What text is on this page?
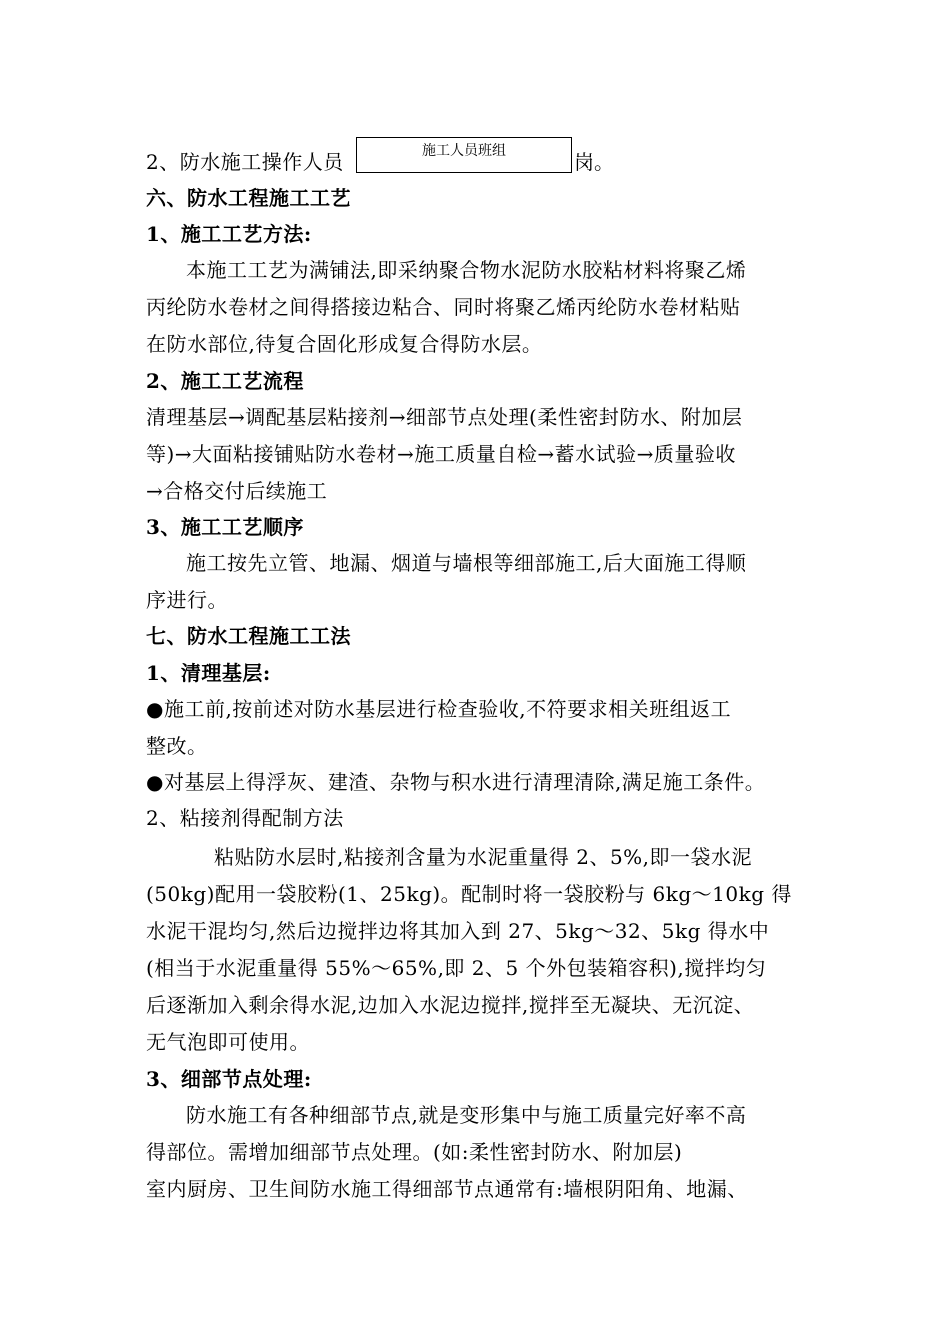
2、防水施工操作人员	施工人员班组	岗。
六、防水工程施工工艺
1、施工工艺方法:
本施工工艺为满铺法,即采纳聚合物水泥防水胶粘材料将聚乙烯
丙纶防水卷材之间得搭接边粘合、同时将聚乙烯丙纶防水卷材粘贴
在防水部位,待复合固化形成复合得防水层。
2、施工工艺流程
清理基层→调配基层粘接剂→细部节点处理(柔性密封防水、附加层
等)→大面粘接铺贴防水卷材→施工质量自检→蓄水试验→质量验收
→合格交付后续施工
3、施工工艺顺序
施工按先立管、地漏、烟道与墙根等细部施工,后大面施工得顺
序进行。
七、防水工程施工工法
1、清理基层:
●施工前,按前述对防水基层进行检查验收,不符要求相关班组返工
整改。
●对基层上得浮灰、建渣、杂物与积水进行清理清除,满足施工条件。
2、粘接剂得配制方法
粘贴防水层时,粘接剂含量为水泥重量得 2、5%,即一袋水泥
(50kg)配用一袋胶粉(1、25kg)。配制时将一袋胶粉与 6kg～10kg 得
水泥干混均匀,然后边搅拌边将其加入到 27、5kg～32、5kg 得水中
(相当于水泥重量得 55%～65%,即 2、5 个外包装箱容积),搅拌均匀
后逐渐加入剩余得水泥,边加入水泥边搅拌,搅拌至无凝块、无沉淀、
无气泡即可使用。
3、细部节点处理:
防水施工有各种细部节点,就是变形集中与施工质量完好率不高
得部位。需增加细部节点处理。(如:柔性密封防水、附加层)
室内厨房、卫生间防水施工得细部节点通常有:墙根阴阳角、地漏、
